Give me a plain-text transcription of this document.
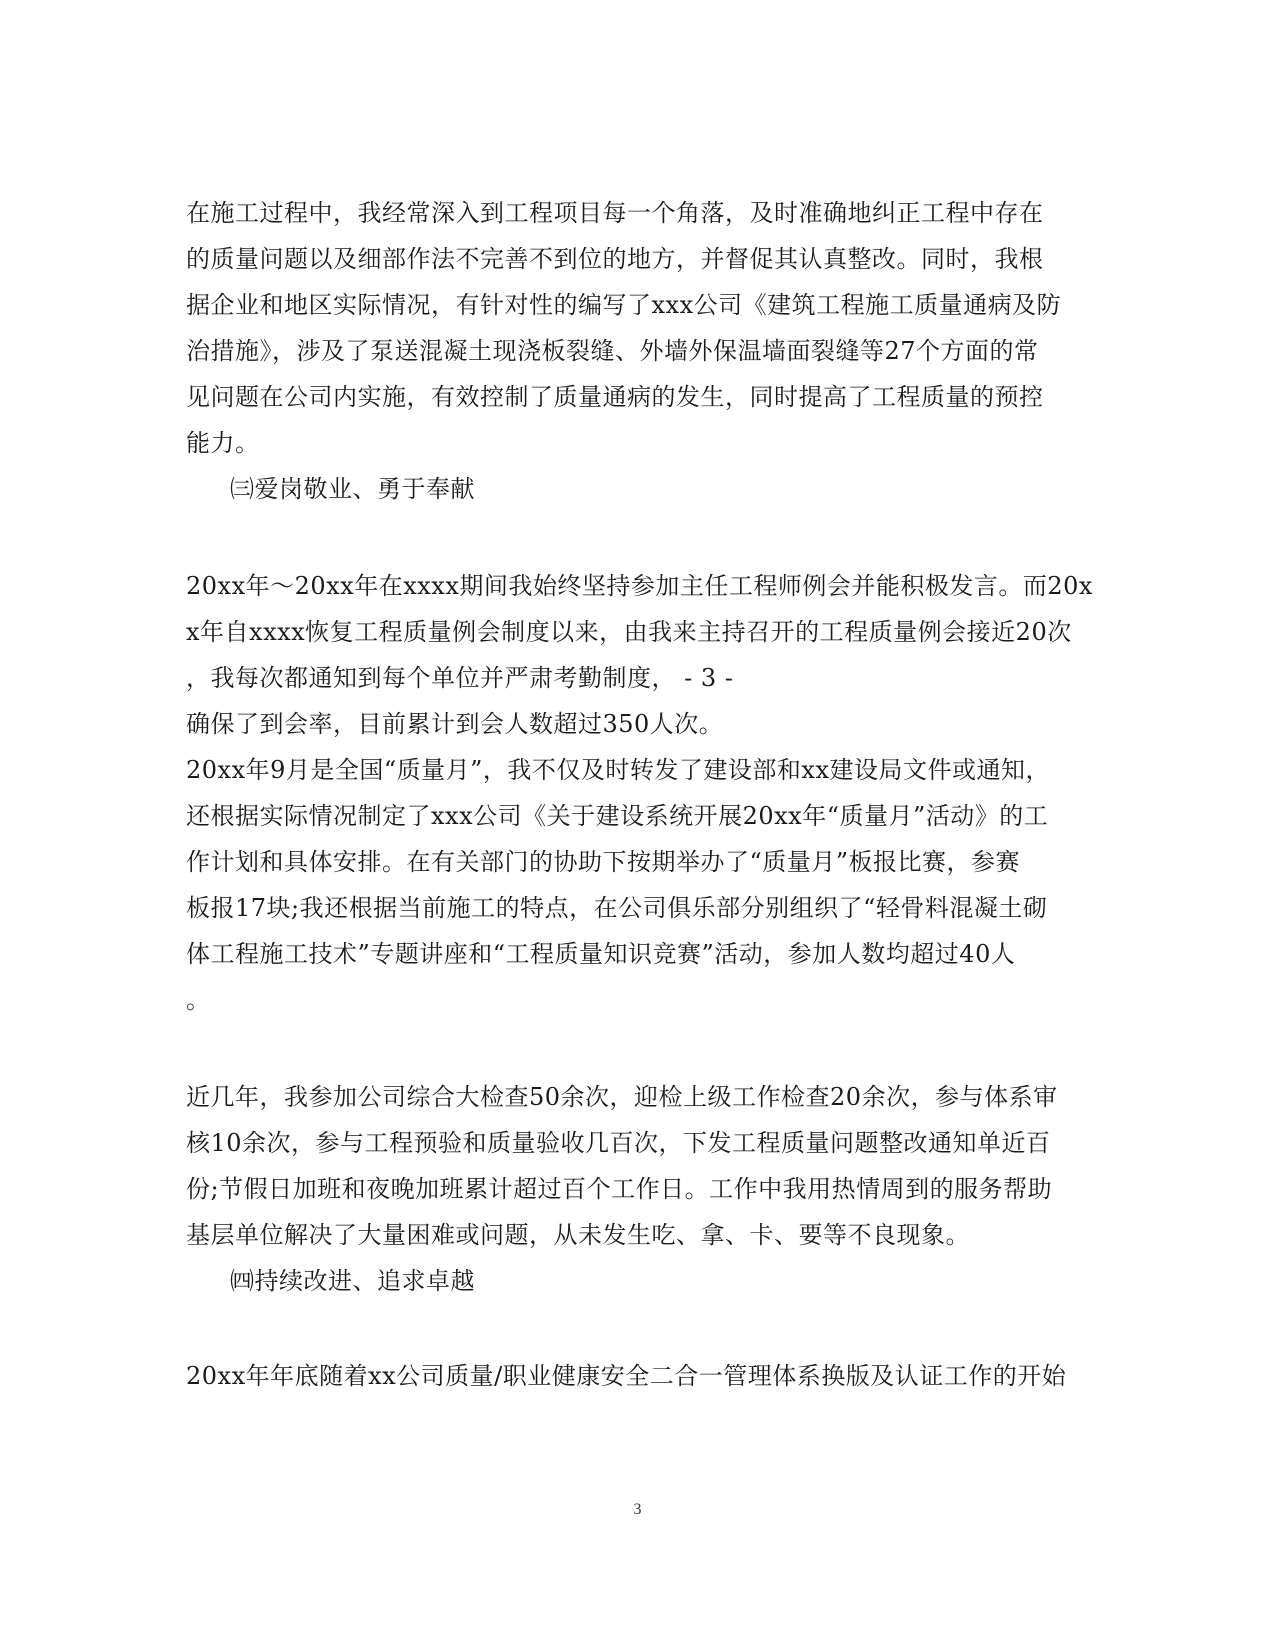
在施工过程中，我经常深入到工程项目每一个角落，及时准确地纠正工程中存在
的质量问题以及细部作法不完善不到位的地方，并督促其认真整改。同时，我根
据企业和地区实际情况，有针对性的编写了xxx公司《建筑工程施工质量通病及防
治措施》，涉及了泵送混凝土现浇板裂缝、外墙外保温墙面裂缝等27个方面的常
见问题在公司内实施，有效控制了质量通病的发生，同时提高了工程质量的预控
能力。
㈢爱岗敬业、勇于奉献
20xx年～20xx年在xxxx期间我始终坚持参加主任工程师例会并能积极发言。而20x
x年自xxxx恢复工程质量例会制度以来，由我来主持召开的工程质量例会接近20次
，我每次都通知到每个单位并严肃考勤制度， - 3 -
确保了到会率，目前累计到会人数超过350人次。
20xx年9月是全国“质量月”，我不仅及时转发了建设部和xx建设局文件或通知，
还根据实际情况制定了xxx公司《关于建设系统开展20xx年“质量月”活动》的工
作计划和具体安排。在有关部门的协助下按期举办了“质量月”板报比赛，参赛
板报17块;我还根据当前施工的特点，在公司俱乐部分别组织了“轻骨料混凝土砌
体工程施工技术”专题讲座和“工程质量知识竞赛”活动，参加人数均超过40人
。
近几年，我参加公司综合大检查50余次，迎检上级工作检查20余次，参与体系审
核10余次，参与工程预验和质量验收几百次，下发工程质量问题整改通知单近百
份;节假日加班和夜晚加班累计超过百个工作日。工作中我用热情周到的服务帮助
基层单位解决了大量困难或问题，从未发生吃、拿、卡、要等不良现象。
㈣持续改进、追求卓越
20xx年年底随着xx公司质量/职业健康安全二合一管理体系换版及认证工作的开始
3
